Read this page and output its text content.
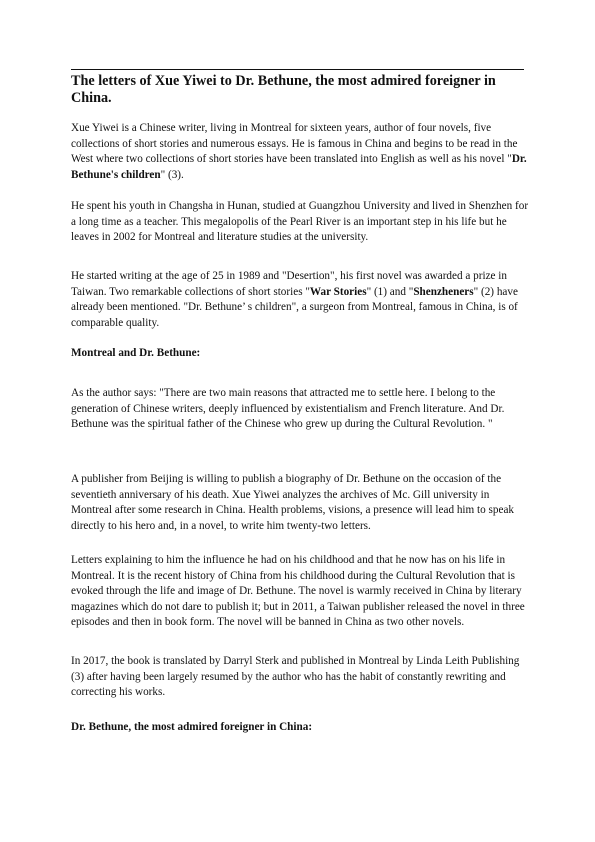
The letters of Xue Yiwei to Dr. Bethune, the most admired foreigner in China.

Xue Yiwei is a Chinese writer, living in Montreal for sixteen years, author of four novels, five collections of short stories and numerous essays. He is famous in China and begins to be read in the West where two collections of short stories have been translated into English as well as his novel "Dr. Bethune's children" (3).

He spent his youth in Changsha in Hunan, studied at Guangzhou University and lived in Shenzhen for a long time as a teacher. This megalopolis of the Pearl River is an important step in his life but he leaves in 2002 for Montreal and literature studies at the university.

He started writing at the age of 25 in 1989 and "Desertion", his first novel was awarded a prize in Taiwan. Two remarkable collections of short stories "War Stories" (1) and "Shenzheners" (2) have already been mentioned. "Dr. Bethune’ s children", a surgeon from Montreal, famous in China, is of comparable quality.

Montreal and Dr. Bethune:

As the author says: "There are two main reasons that attracted me to settle here. I belong to the generation of Chinese writers, deeply influenced by existentialism and French literature. And Dr. Bethune was the spiritual father of the Chinese who grew up during the Cultural Revolution. "

A publisher from Beijing is willing to publish a biography of Dr. Bethune on the occasion of the seventieth anniversary of his death. Xue Yiwei analyzes the archives of Mc. Gill university in Montreal after some research in China. Health problems, visions, a presence will lead him to speak directly to his hero and, in a novel, to write him twenty-two letters.

Letters explaining to him the influence he had on his childhood and that he now has on his life in Montreal. It is the recent history of China from his childhood during the Cultural Revolution that is evoked through the life and image of Dr. Bethune. The novel is warmly received in China by literary magazines which do not dare to publish it; but in 2011, a Taiwan publisher released the novel in three episodes and then in book form. The novel will be banned in China as two other novels.

In 2017, the book is translated by Darryl Sterk and published in Montreal by Linda Leith Publishing (3) after having been largely resumed by the author who has the habit of constantly rewriting and correcting his works.

Dr. Bethune, the most admired foreigner in China:
